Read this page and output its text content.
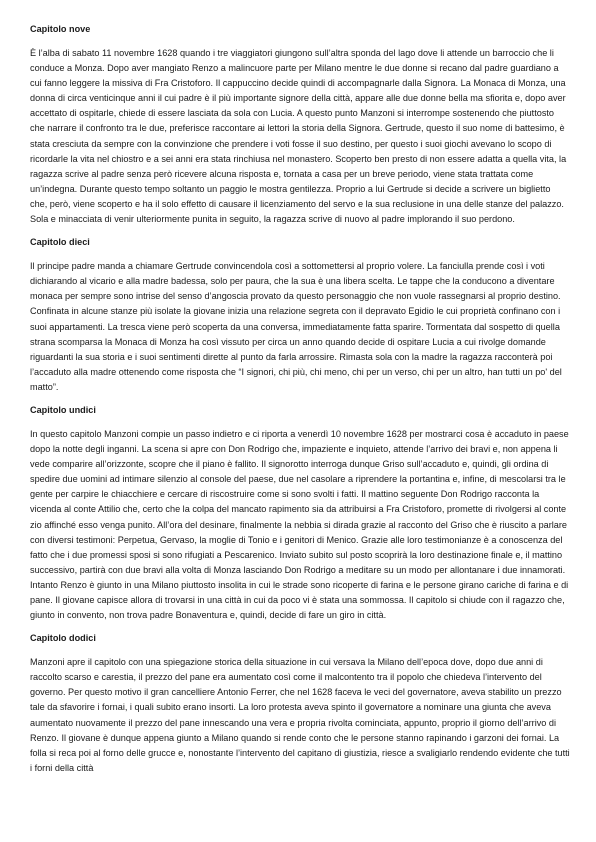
Capitolo nove

È l’alba di sabato 11 novembre 1628 quando i tre viaggiatori giungono sull’altra sponda del lago dove li attende un barroccio che li conduce a Monza. Dopo aver mangiato Renzo a malincuore parte per Milano mentre le due donne si recano dal padre guardiano a cui fanno leggere la missiva di Fra Cristoforo. Il cappuccino decide quindi di accompagnarle dalla Signora. La Monaca di Monza, una donna di circa venticinque anni il cui padre è il più importante signore della città, appare alle due donne bella ma sfiorita e, dopo aver accettato di ospitarle, chiede di essere lasciata da sola con Lucia. A questo punto Manzoni si interrompe sostenendo che piuttosto che narrare il confronto tra le due, preferisce raccontare ai lettori la storia della Signora. Gertrude, questo il suo nome di battesimo, è stata cresciuta da sempre con la convinzione che prendere i voti fosse il suo destino, per questo i suoi giochi avevano lo scopo di ricordarle la vita nel chiostro e a sei anni era stata rinchiusa nel monastero. Scoperto ben presto di non essere adatta a quella vita, la ragazza scrive al padre senza però ricevere alcuna risposta e, tornata a casa per un breve periodo, viene stata trattata come un’indegna. Durante questo tempo soltanto un paggio le mostra gentilezza. Proprio a lui Gertrude si decide a scrivere un biglietto che, però, viene scoperto e ha il solo effetto di causare il licenziamento del servo e la sua reclusione in una delle stanze del palazzo. Sola e minacciata di venir ulteriormente punita in seguito, la ragazza scrive di nuovo al padre implorando il suo perdono.

Capitolo dieci

Il principe padre manda a chiamare Gertrude convincendola così a sottomettersi al proprio volere. La fanciulla prende così i voti dichiarando al vicario e alla madre badessa, solo per paura, che la sua è una libera scelta. Le tappe che la conducono a diventare monaca per sempre sono intrise del senso d’angoscia provato da questo personaggio che non vuole rassegnarsi al proprio destino. Confinata in alcune stanze più isolate la giovane inizia una relazione segreta con il depravato Egidio le cui proprietà confinano con i suoi appartamenti. La tresca viene però scoperta da una conversa, immediatamente fatta sparire. Tormentata dal sospetto di quella strana scomparsa la Monaca di Monza ha così vissuto per circa un anno quando decide di ospitare Lucia a cui rivolge domande riguardanti la sua storia e i suoi sentimenti dirette al punto da farla arrossire. Rimasta sola con la madre la ragazza racconterà poi l’accaduto alla madre ottenendo come risposta che “I signori, chi più, chi meno, chi per un verso, chi per un altro, han tutti un po' del matto”.

Capitolo undici

In questo capitolo Manzoni compie un passo indietro e ci riporta a venerdì 10 novembre 1628 per mostrarci cosa è accaduto in paese dopo la notte degli inganni. La scena si apre con Don Rodrigo che, impaziente e inquieto, attende l’arrivo dei bravi e, non appena li vede comparire all’orizzonte, scopre che il piano è fallito. Il signorotto interroga dunque Griso sull’accaduto e, quindi, gli ordina di spedire due uomini ad intimare silenzio al console del paese, due nel casolare a riprendere la portantina e, infine, di mescolarsi tra le gente per carpire le chiacchiere e cercare di riscostruire come si sono svolti i fatti. Il mattino seguente Don Rodrigo racconta la vicenda al conte Attilio che, certo che la colpa del mancato rapimento sia da attribuirsi a Fra Cristoforo, promette di rivolgersi al conte zio affinché esso venga punito. All’ora del desinare, finalmente la nebbia si dirada grazie al racconto del Griso che è riuscito a parlare con diversi testimoni: Perpetua, Gervaso, la moglie di Tonio e i genitori di Menico. Grazie alle loro testimonianze è a conoscenza del fatto che i due promessi sposi si sono rifugiati a Pescarenico. Inviato subito sul posto scoprirà la loro destinazione finale e, il mattino successivo, partirà con due bravi alla volta di Monza lasciando Don Rodrigo a meditare su un modo per allontanare i due innamorati. Intanto Renzo è giunto in una Milano piuttosto insolita in cui le strade sono ricoperte di farina e le persone girano cariche di farina e di pane. Il giovane capisce allora di trovarsi in una città in cui da poco vi è stata una sommossa. Il capitolo si chiude con il ragazzo che, giunto in convento, non trova padre Bonaventura e, quindi, decide di fare un giro in città.

Capitolo dodici

Manzoni apre il capitolo con una spiegazione storica della situazione in cui versava la Milano dell’epoca dove, dopo due anni di raccolto scarso e carestia, il prezzo del pane era aumentato così come il malcontento tra il popolo che chiedeva l’intervento del governo. Per questo motivo il gran cancelliere Antonio Ferrer, che nel 1628 faceva le veci del governatore, aveva stabilito un prezzo tale da sfavorire i fornai, i quali subito erano insorti. La loro protesta aveva spinto il governatore a nominare una giunta che aveva aumentato nuovamente il prezzo del pane innescando una vera e propria rivolta cominciata, appunto, proprio il giorno dell’arrivo di Renzo. Il giovane è dunque appena giunto a Milano quando si rende conto che le persone stanno rapinando i garzoni dei fornai. La folla si reca poi al forno delle grucce e, nonostante l’intervento del capitano di giustizia, riesce a svaligiarlo rendendo evidente che tutti i forni della città
